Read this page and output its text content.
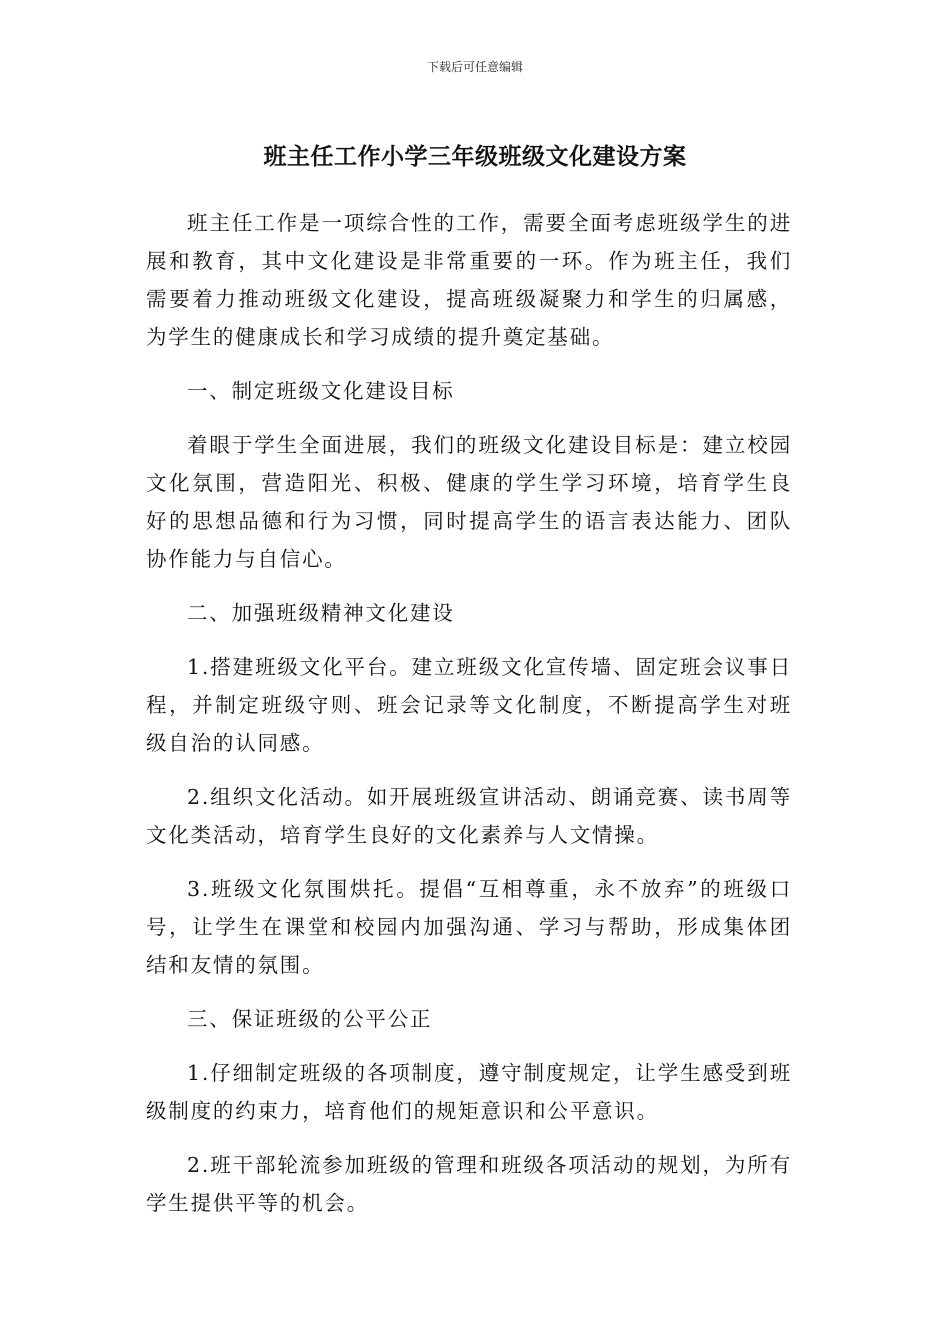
下载后可任意编辑
班主任工作小学三年级班级文化建设方案

班主任工作是一项综合性的工作，需要全面考虑班级学生的进展和教育，其中文化建设是非常重要的一环。作为班主任，我们需要着力推动班级文化建设，提高班级凝聚力和学生的归属感，为学生的健康成长和学习成绩的提升奠定基础。

一、制定班级文化建设目标

着眼于学生全面进展，我们的班级文化建设目标是：建立校园文化氛围，营造阳光、积极、健康的学生学习环境，培育学生良好的思想品德和行为习惯，同时提高学生的语言表达能力、团队协作能力与自信心。

二、加强班级精神文化建设

1.搭建班级文化平台。建立班级文化宣传墙、固定班会议事日程，并制定班级守则、班会记录等文化制度，不断提高学生对班级自治的认同感。

2.组织文化活动。如开展班级宣讲活动、朗诵竞赛、读书周等文化类活动，培育学生良好的文化素养与人文情操。

3.班级文化氛围烘托。提倡“互相尊重，永不放弃”的班级口号，让学生在课堂和校园内加强沟通、学习与帮助，形成集体团结和友情的氛围。

三、保证班级的公平公正

1.仔细制定班级的各项制度，遵守制度规定，让学生感受到班级制度的约束力，培育他们的规矩意识和公平意识。

2.班干部轮流参加班级的管理和班级各项活动的规划，为所有学生提供平等的机会。
